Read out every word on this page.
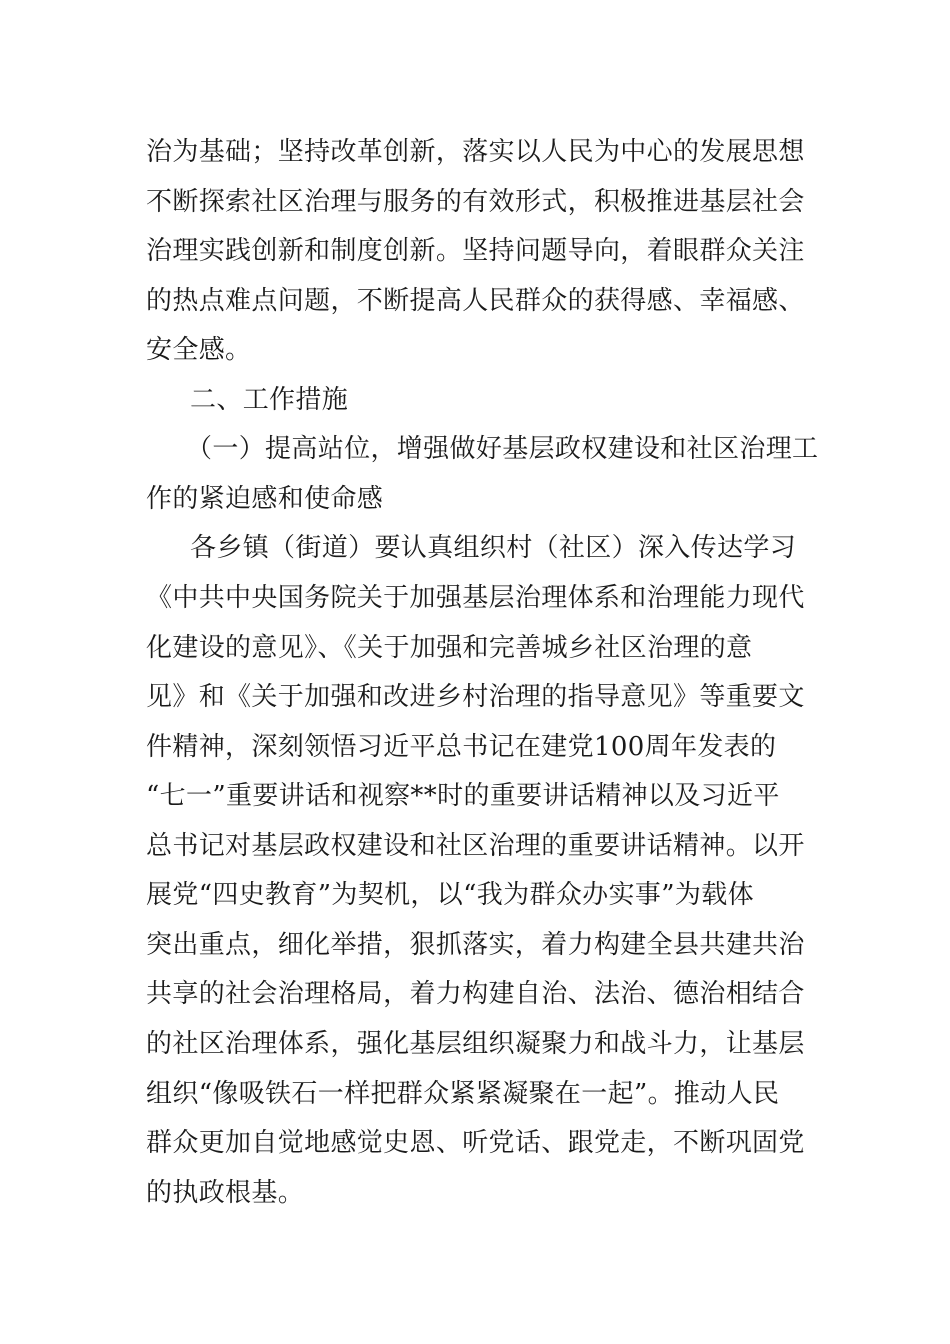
治为基础；坚持改革创新，落实以人民为中心的发展思想
不断探索社区治理与服务的有效形式，积极推进基层社会
治理实践创新和制度创新。坚持问题导向，着眼群众关注
的热点难点问题，不断提高人民群众的获得感、幸福感、
安全感。
二、工作措施
（一）提高站位，增强做好基层政权建设和社区治理工
作的紧迫感和使命感
各乡镇（街道）要认真组织村（社区）深入传达学习
《中共中央国务院关于加强基层治理体系和治理能力现代
化建设的意见》、《关于加强和完善城乡社区治理的意
见》和《关于加强和改进乡村治理的指导意见》等重要文
件精神，深刻领悟习近平总书记在建党100周年发表的
“七一”重要讲话和视察**时的重要讲话精神以及习近平
总书记对基层政权建设和社区治理的重要讲话精神。以开
展党“四史教育”为契机，以“我为群众办实事”为载体
突出重点，细化举措，狠抓落实，着力构建全县共建共治
共享的社会治理格局，着力构建自治、法治、德治相结合
的社区治理体系，强化基层组织凝聚力和战斗力，让基层
组织“像吸铁石一样把群众紧紧凝聚在一起”。推动人民
群众更加自觉地感觉史恩、听党话、跟党走，不断巩固党
的执政根基。
